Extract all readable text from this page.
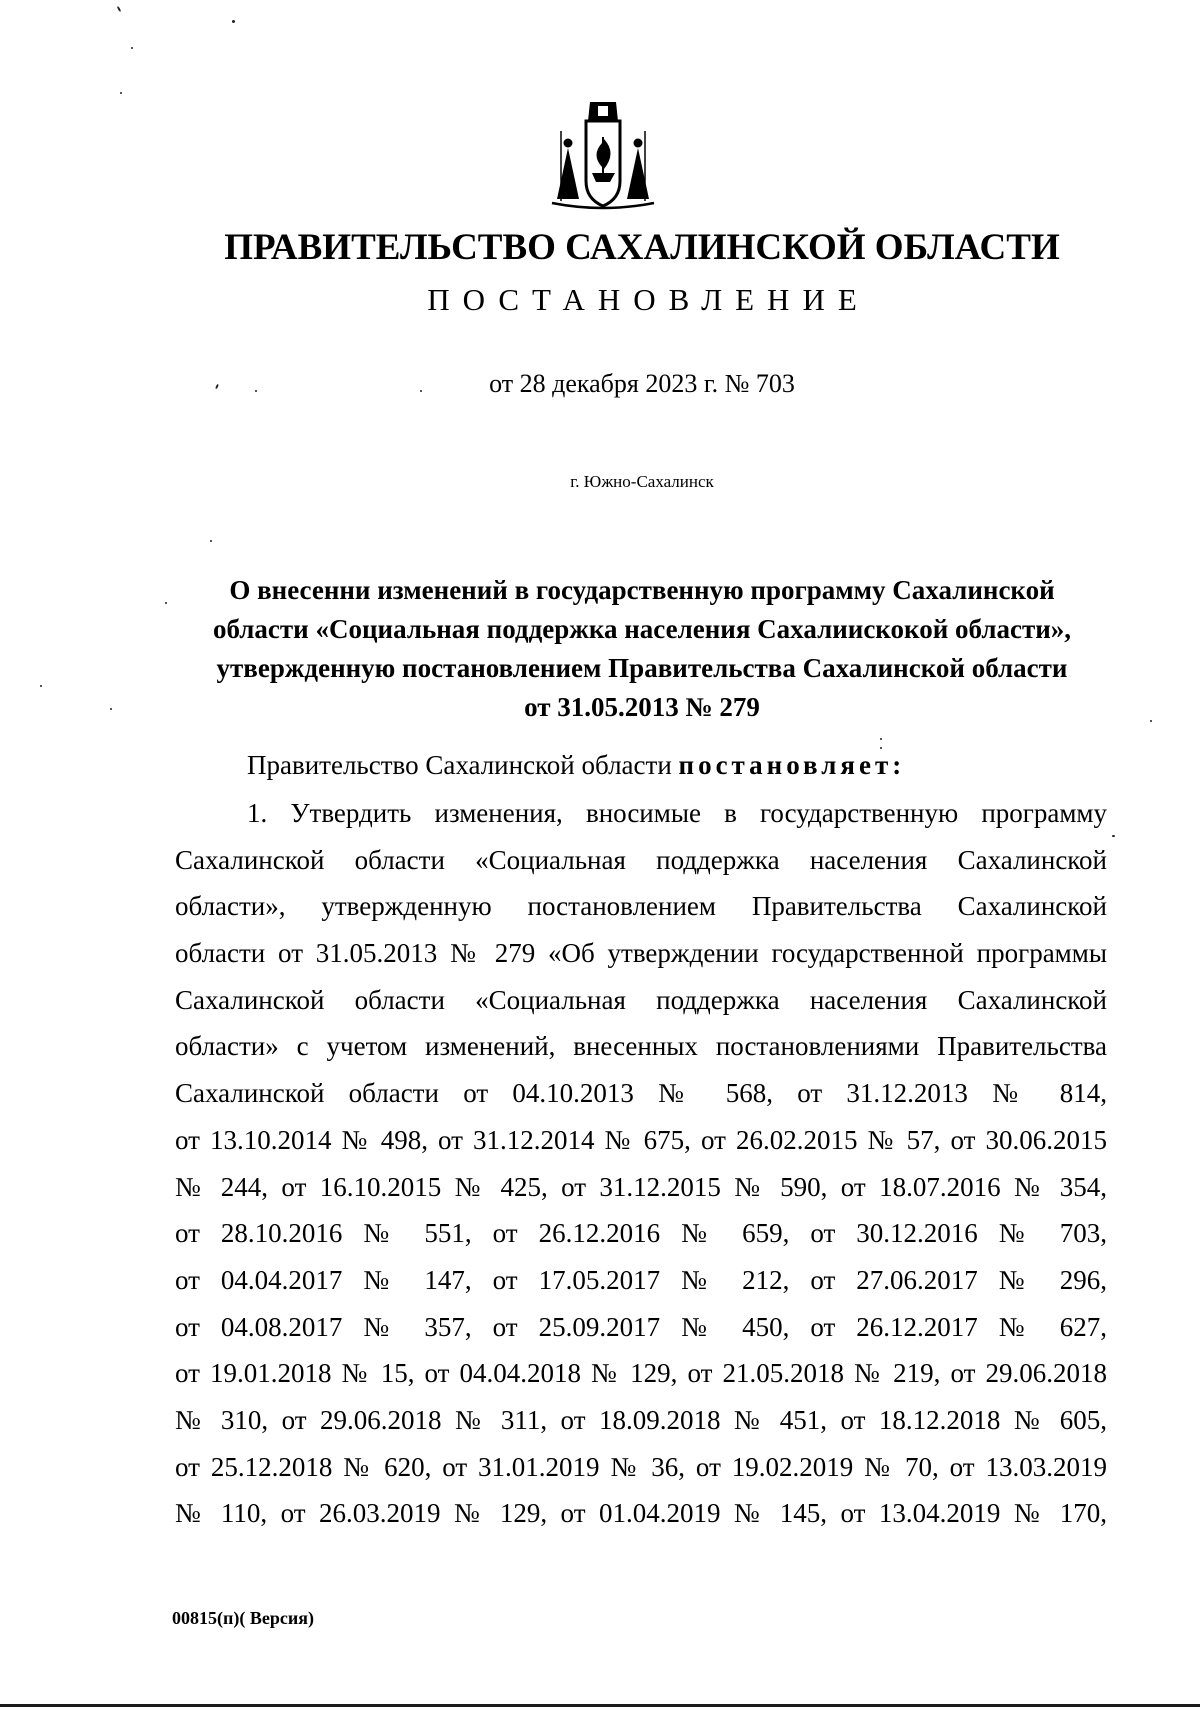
ПРАВИТЕЛЬСТВО САХАЛИНСКОЙ ОБЛАСТИ
ПОСТАНОВЛЕНИЕ
от 28 декабря 2023 г. № 703
г. Южно-Сахалинск
О внесенни изменений в государственную программу Сахалинской
области «Социальная поддержка населения Сахалиискокой области»,
утвержденную постановлением Правительства Сахалинской области
от 31.05.2013 № 279
Правительство Сахалинской области постановляет:
1. Утвердить изменения, вносимые в государственную программу
Сахалинской области «Социальная поддержка населения Сахалинской
области», утвержденную постановлением Правительства Сахалинской
области от 31.05.2013 № 279 «Об утверждении государственной программы
Сахалинской области «Социальная поддержка населения Сахалинской
области» с учетом изменений, внесенных постановлениями Правительства
Сахалинской области от 04.10.2013 № 568, от 31.12.2013 № 814,
от 13.10.2014 № 498, от 31.12.2014 № 675, от 26.02.2015 № 57, от 30.06.2015
№ 244, от 16.10.2015 № 425, от 31.12.2015 № 590, от 18.07.2016 № 354,
от 28.10.2016 № 551, от 26.12.2016 № 659, от 30.12.2016 № 703,
от 04.04.2017 № 147, от 17.05.2017 № 212, от 27.06.2017 № 296,
от 04.08.2017 № 357, от 25.09.2017 № 450, от 26.12.2017 № 627,
от 19.01.2018 № 15, от 04.04.2018 № 129, от 21.05.2018 № 219, от 29.06.2018
№ 310, от 29.06.2018 № 311, от 18.09.2018 № 451, от 18.12.2018 № 605,
от 25.12.2018 № 620, от 31.01.2019 № 36, от 19.02.2019 № 70, от 13.03.2019
№ 110, от 26.03.2019 № 129, от 01.04.2019 № 145, от 13.04.2019 № 170,
00815(п)( Версия)
